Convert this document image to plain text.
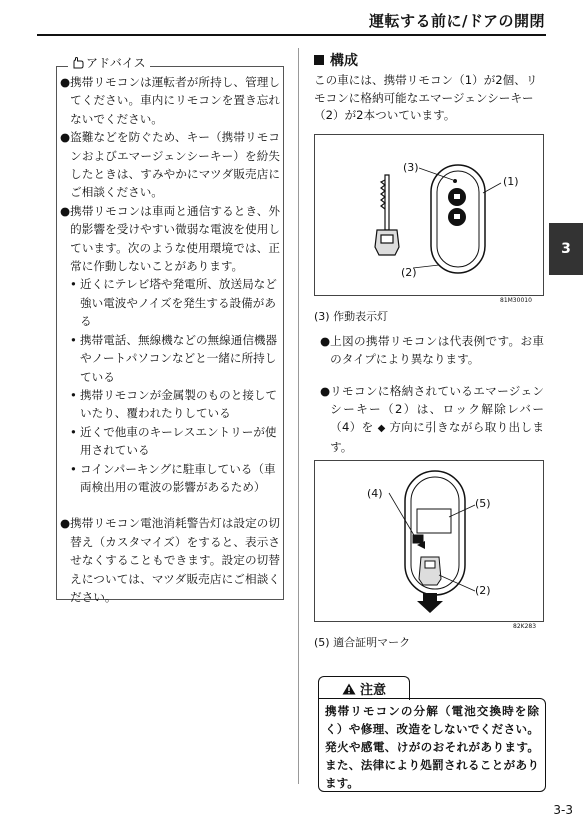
運転する前に/ドアの開閉
アドバイス
● 携帯リモコンは運転者が所持し、管理してください。車内にリモコンを置き忘れないでください。
● 盗難などを防ぐため、キー（携帯リモコンおよびエマージェンシーキー）を紛失したときは、すみやかにマツダ販売店にご相談ください。
● 携帯リモコンは車両と通信するとき、外的影響を受けやすい微弱な電波を使用しています。次のような使用環境では、正常に作動しないことがあります。
• 近くにテレビ塔や発電所、放送局など強い電波やノイズを発生する設備がある
• 携帯電話、無線機などの無線通信機器やノートパソコンなどと一緒に所持している
• 携帯リモコンが金属製のものと接していたり、覆われたりしている
• 近くで他車のキーレスエントリーが使用されている
• コインパーキングに駐車している（車両検出用の電波の影響があるため）
● 携帯リモコン電池消耗警告灯は設定の切替え（カスタマイズ）をすると、表示させなくすることもできます。設定の切替えについては、マツダ販売店にご相談ください。
構成
この車には、携帯リモコン（1）が2個、リモコンに格納可能なエマージェンシーキー（2）が2本ついています。
(3)
(1)
(2)
81M30010
(3) 作動表示灯
● 上図の携帯リモコンは代表例です。お車のタイプにより異なります。
● リモコンに格納されているエマージェンシーキー（2）は、ロック解除レバー（4）を ◆ 方向に引きながら取り出します。
(4)
(5)
(2)
82K283
(5) 適合証明マーク
注意
携帯リモコンの分解（電池交換時を除く）や修理、改造をしないでください。発火や感電、けがのおそれがあります。また、法律により処罰されることがあります。
3
3-3
